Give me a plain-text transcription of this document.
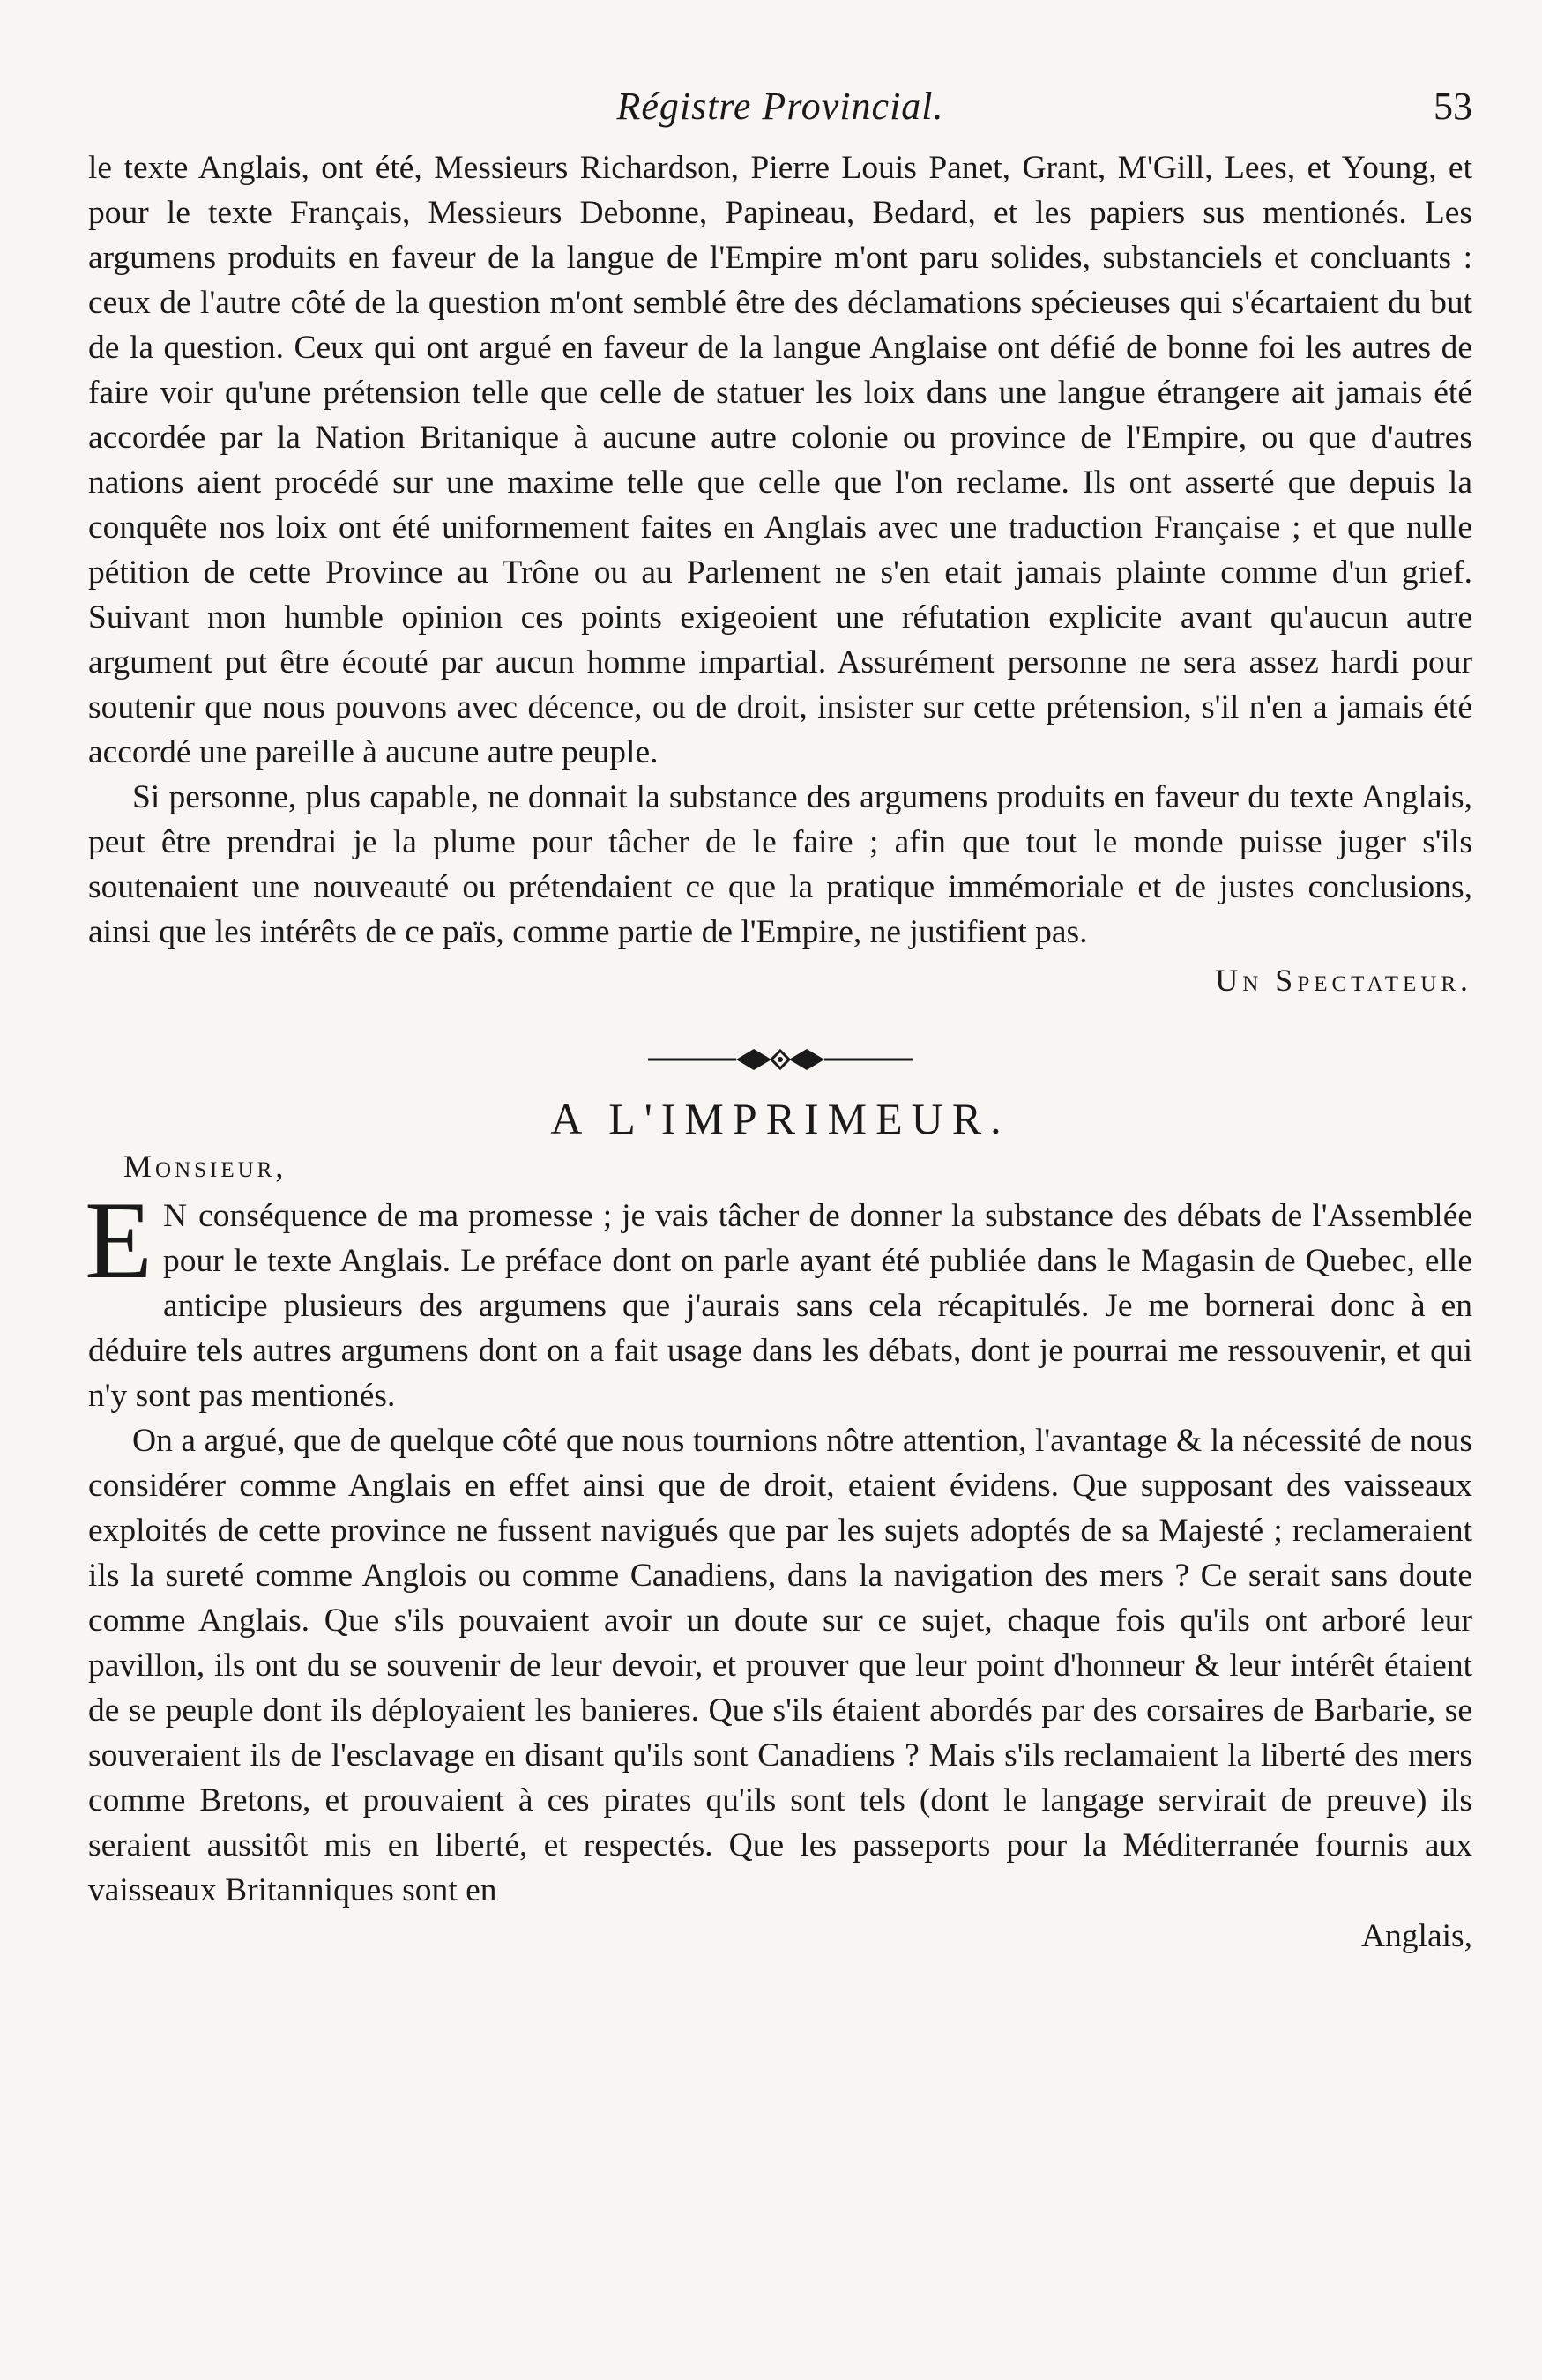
Régistre Provincial.	53

le texte Anglais, ont été, Messieurs Richardson, Pierre Louis Panet, Grant, M'Gill, Lees, et Young, et pour le texte Français, Messieurs Debonne, Papineau, Bedard, et les papiers sus mentionés. Les argumens produits en faveur de la langue de l'Empire m'ont paru solides, substanciels et concluants : ceux de l'autre côté de la question m'ont semblé être des déclamations spécieuses qui s'écartaient du but de la question. Ceux qui ont argué en faveur de la langue Anglaise ont défié de bonne foi les autres de faire voir qu'une prétension telle que celle de statuer les loix dans une langue étrangere ait jamais été accordée par la Nation Britanique à aucune autre colonie ou province de l'Empire, ou que d'autres nations aient procédé sur une maxime telle que celle que l'on reclame. Ils ont asserté que depuis la conquête nos loix ont été uniformement faites en Anglais avec une traduction Française ; et que nulle pétition de cette Province au Trône ou au Parlement ne s'en etait jamais plainte comme d'un grief. Suivant mon humble opinion ces points exigeoient une réfutation explicite avant qu'aucun autre argument put être écouté par aucun homme impartial. Assurément personne ne sera assez hardi pour soutenir que nous pouvons avec décence, ou de droit, insister sur cette prétension, s'il n'en a jamais été accordé une pareille à aucune autre peuple.

Si personne, plus capable, ne donnait la substance des argumens produits en faveur du texte Anglais, peut être prendrai je la plume pour tâcher de le faire ; afin que tout le monde puisse juger s'ils soutenaient une nouveauté ou prétendaient ce que la pratique immémoriale et de justes conclusions, ainsi que les intérêts de ce païs, comme partie de l'Empire, ne justifient pas.

Un Spectateur.

A L'IMPRIMEUR.
Monsieur,

E N conséquence de ma promesse ; je vais tâcher de donner la substance des débats de l'Assemblée pour le texte Anglais. Le préface dont on parle ayant été publiée dans le Magasin de Quebec, elle anticipe plusieurs des argumens que j'aurais sans cela récapitulés. Je me bornerai donc à en déduire tels autres argumens dont on a fait usage dans les débats, dont je pourrai me ressouvenir, et qui n'y sont pas mentionés.

On a argué, que de quelque côté que nous tournions nôtre attention, l'avantage & la nécessité de nous considérer comme Anglais en effet ainsi que de droit, etaient évidens. Que supposant des vaisseaux exploités de cette province ne fussent navigués que par les sujets adoptés de sa Majesté ; reclameraient ils la sureté comme Anglois ou comme Canadiens, dans la navigation des mers ? Ce serait sans doute comme Anglais. Que s'ils pouvaient avoir un doute sur ce sujet, chaque fois qu'ils ont arboré leur pavillon, ils ont du se souvenir de leur devoir, et prouver que leur point d'honneur & leur intérêt étaient de se peuple dont ils déployaient les banieres. Que s'ils étaient abordés par des corsaires de Barbarie, se souveraient ils de l'esclavage en disant qu'ils sont Canadiens ? Mais s'ils reclamaient la liberté des mers comme Bretons, et prouvaient à ces pirates qu'ils sont tels (dont le langage servirait de preuve) ils seraient aussitôt mis en liberté, et respectés. Que les passeports pour la Méditerranée fournis aux vaisseaux Britanniques sont en

Anglais,
